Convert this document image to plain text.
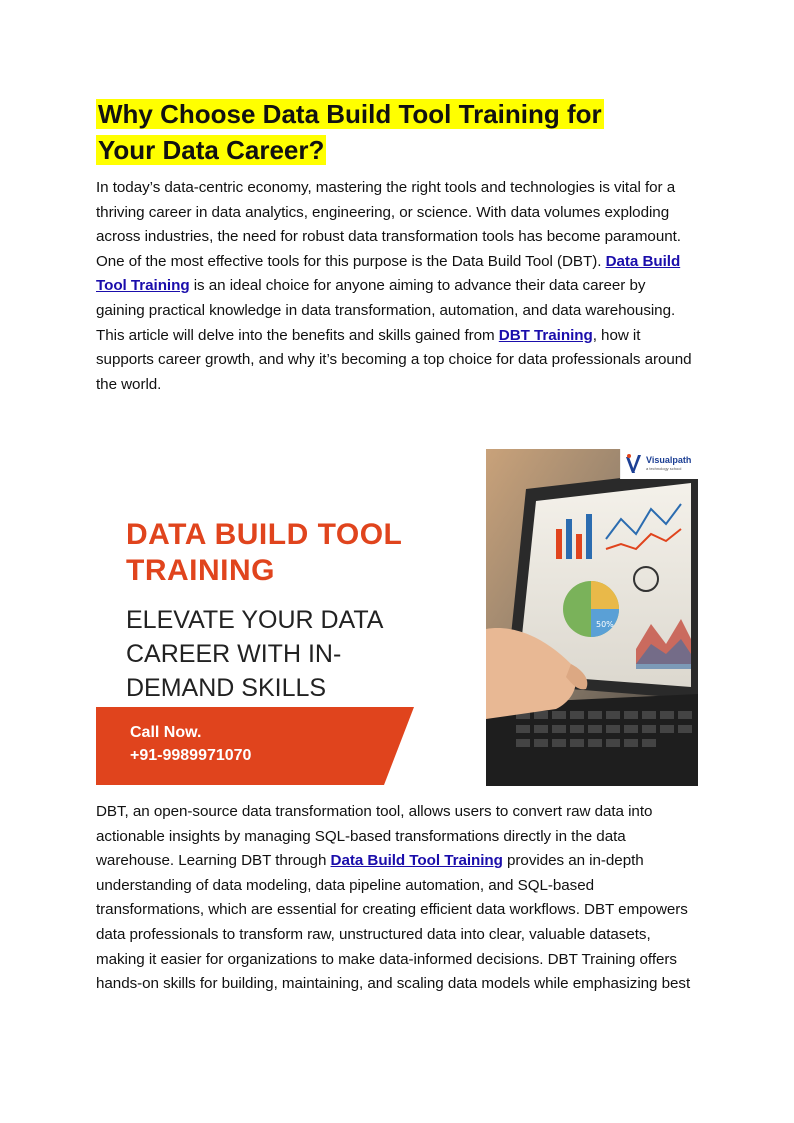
Why Choose Data Build Tool Training for
Your Data Career?

In today’s data-centric economy, mastering the right tools and technologies is vital for a thriving career in data analytics, engineering, or science. With data volumes exploding across industries, the need for robust data transformation tools has become paramount. One of the most effective tools for this purpose is the Data Build Tool (DBT). Data Build Tool Training is an ideal choice for anyone aiming to advance their data career by gaining practical knowledge in data transformation, automation, and data warehousing. This article will delve into the benefits and skills gained from DBT Training, how it supports career growth, and why it’s becoming a top choice for data professionals around the world.

50%
DATA BUILD TOOL TRAINING
ELEVATE YOUR DATA CAREER WITH IN-DEMAND SKILLS
Call Now.
+91-9989971070
Visualpath
a technology school

DBT, an open-source data transformation tool, allows users to convert raw data into actionable insights by managing SQL-based transformations directly in the data warehouse. Learning DBT through Data Build Tool Training provides an in-depth understanding of data modeling, data pipeline automation, and SQL-based transformations, which are essential for creating efficient data workflows. DBT empowers data professionals to transform raw, unstructured data into clear, valuable datasets, making it easier for organizations to make data-informed decisions. DBT Training offers hands-on skills for building, maintaining, and scaling data models while emphasizing best
